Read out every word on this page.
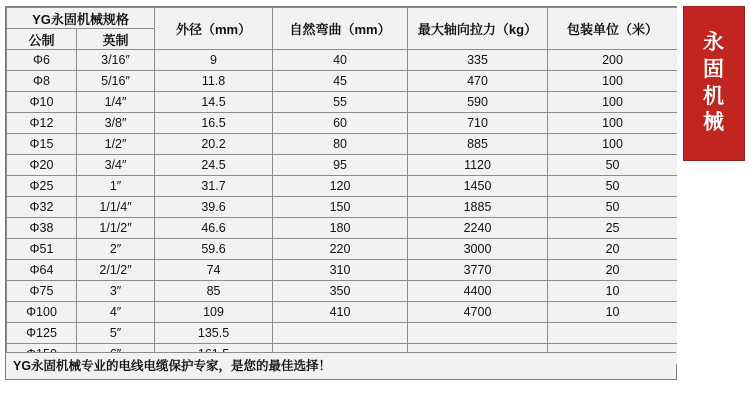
YG永固机械规格		外径（mm）	自然弯曲（mm）	最大轴向拉力（kg）	包装单位（米）
公制	英制				
Φ6	3/16″	9	40	335	200
Φ8	5/16″	11.8	45	470	100
Φ10	1/4″	14.5	55	590	100
Φ12	3/8″	16.5	60	710	100
Φ15	1/2″	20.2	80	885	100
Φ20	3/4″	24.5	95	1120	50
Φ25	1″	31.7	120	1450	50
Φ32	1/1/4″	39.6	150	1885	50
Φ38	1/1/2″	46.6	180	2240	25
Φ51	2″	59.6	220	3000	20
Φ64	2/1/2″	74	310	3770	20
Φ75	3″	85	350	4400	10
Φ100	4″	109	410	4700	10
Φ125	5″	135.5			

YG永固机械专业的电线电缆保护专家，是您的最佳选择！
永
固
机
械
